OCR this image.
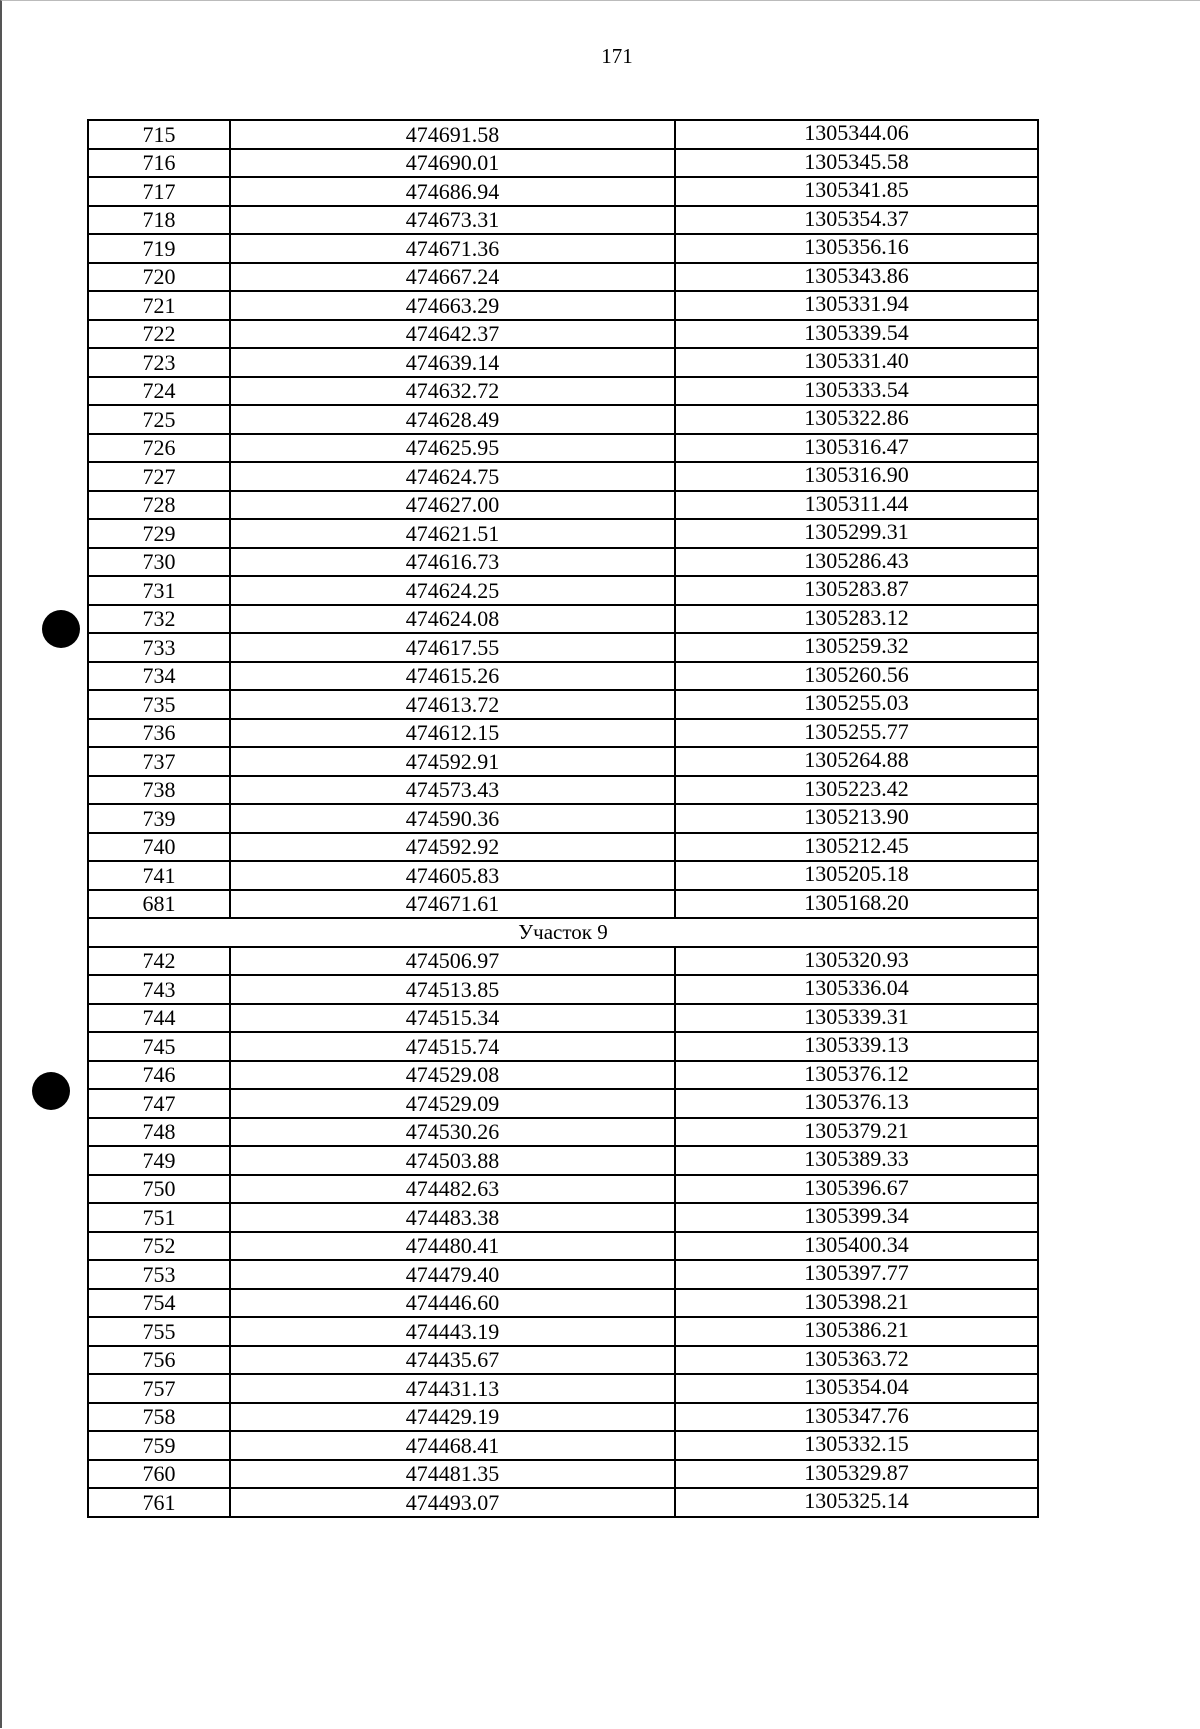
171
715	474691.58	1305344.06
716	474690.01	1305345.58
717	474686.94	1305341.85
718	474673.31	1305354.37
719	474671.36	1305356.16
720	474667.24	1305343.86
721	474663.29	1305331.94
722	474642.37	1305339.54
723	474639.14	1305331.40
724	474632.72	1305333.54
725	474628.49	1305322.86
726	474625.95	1305316.47
727	474624.75	1305316.90
728	474627.00	1305311.44
729	474621.51	1305299.31
730	474616.73	1305286.43
731	474624.25	1305283.87
732	474624.08	1305283.12
733	474617.55	1305259.32
734	474615.26	1305260.56
735	474613.72	1305255.03
736	474612.15	1305255.77
737	474592.91	1305264.88
738	474573.43	1305223.42
739	474590.36	1305213.90
740	474592.92	1305212.45
741	474605.83	1305205.18
681	474671.61	1305168.20
Участок 9		
742	474506.97	1305320.93
743	474513.85	1305336.04
744	474515.34	1305339.31
745	474515.74	1305339.13
746	474529.08	1305376.12
747	474529.09	1305376.13
748	474530.26	1305379.21
749	474503.88	1305389.33
750	474482.63	1305396.67
751	474483.38	1305399.34
752	474480.41	1305400.34
753	474479.40	1305397.77
754	474446.60	1305398.21
755	474443.19	1305386.21
756	474435.67	1305363.72
757	474431.13	1305354.04
758	474429.19	1305347.76
759	474468.41	1305332.15
760	474481.35	1305329.87
761	474493.07	1305325.14
